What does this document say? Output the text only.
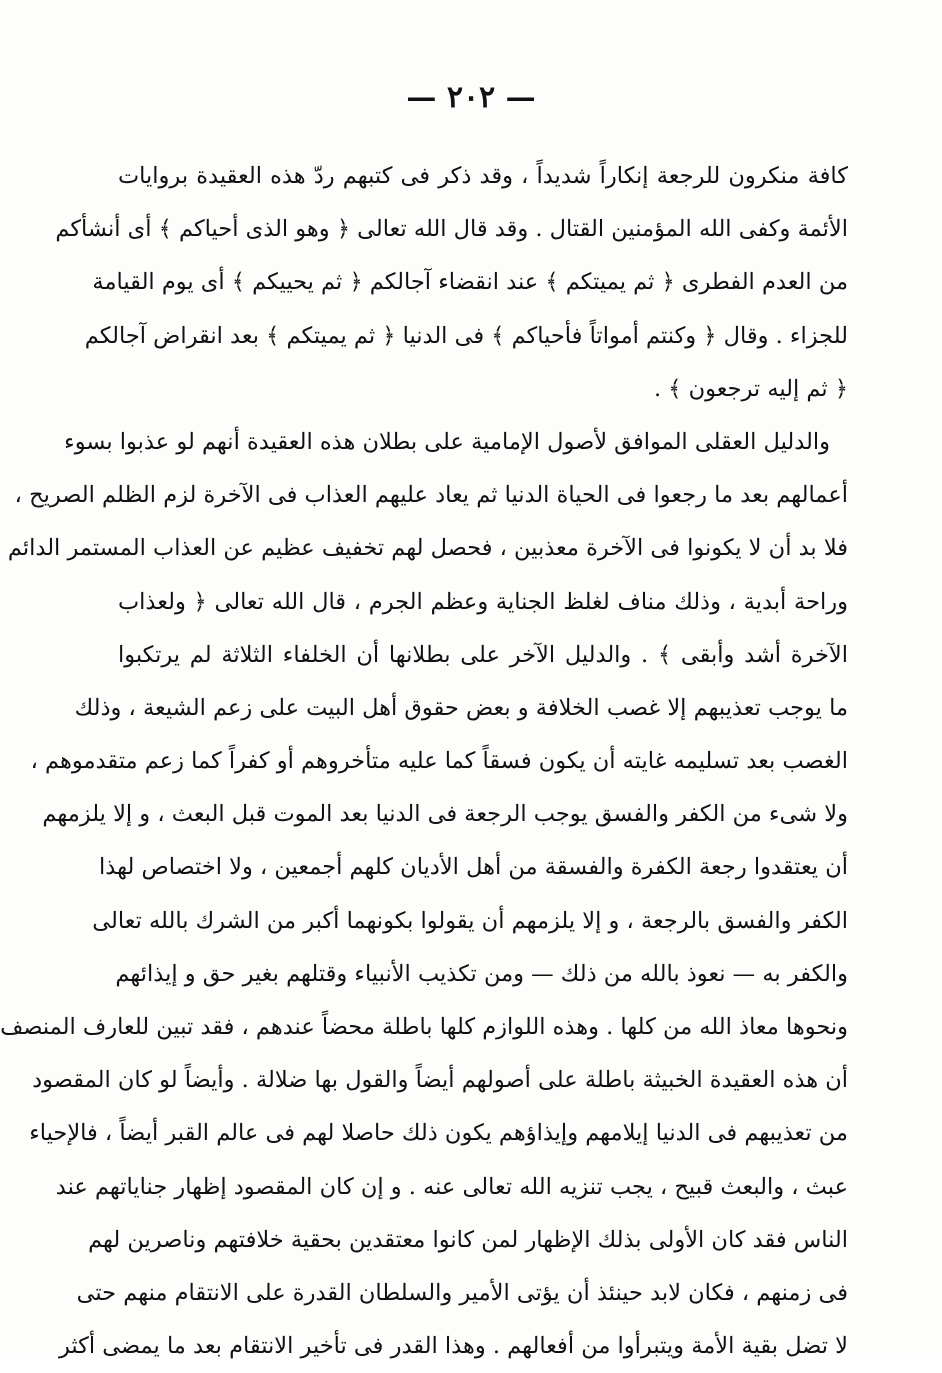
— ٢٠٢ —
كافة منكرون للرجعة إنكاراً شديداً ، وقد ذكر فى كتبهم ردّ هذه العقيدة بروايات
الأئمة وكفى الله المؤمنين القتال . وقد قال الله تعالى ﴿ وهو الذى أحياكم ﴾ أى أنشأكم
من العدم الفطرى ﴿ ثم يميتكم ﴾ عند انقضاء آجالكم ﴿ ثم يحييكم ﴾ أى يوم القيامة
للجزاء . وقال ﴿ وكنتم أمواتاً فأحياكم ﴾ فى الدنيا ﴿ ثم يميتكم ﴾ بعد انقراض آجالكم
﴿ ثم إليه ترجعون ﴾ .
والدليل العقلى الموافق لأصول الإمامية على بطلان هذه العقيدة أنهم لو عذبوا بسوء
أعمالهم بعد ما رجعوا فى الحياة الدنيا ثم يعاد عليهم العذاب فى الآخرة لزم الظلم الصريح ،
فلا بد أن لا يكونوا فى الآخرة معذبين ، فحصل لهم تخفيف عظيم عن العذاب المستمر الدائم
وراحة أبدية ، وذلك مناف لغلظ الجناية وعظم الجرم ، قال الله تعالى ﴿ ولعذاب
الآخرة أشد وأبقى ﴾ . والدليل الآخر على بطلانها أن الخلفاء الثلاثة لم يرتكبوا
ما يوجب تعذيبهم إلا غصب الخلافة و بعض حقوق أهل البيت على زعم الشيعة ، وذلك
الغصب بعد تسليمه غايته أن يكون فسقاً كما عليه متأخروهم أو كفراً كما زعم متقدموهم ،
ولا شىء من الكفر والفسق يوجب الرجعة فى الدنيا بعد الموت قبل البعث ، و إلا يلزمهم
أن يعتقدوا رجعة الكفرة والفسقة من أهل الأديان كلهم أجمعين ، ولا اختصاص لهذا
الكفر والفسق بالرجعة ، و إلا يلزمهم أن يقولوا بكونهما أكبر من الشرك بالله تعالى
والكفر به — نعوذ بالله من ذلك — ومن تكذيب الأنبياء وقتلهم بغير حق و إيذائهم
ونحوها معاذ الله من كلها . وهذه اللوازم كلها باطلة محضاً عندهم ، فقد تبين للعارف المنصف
أن هذه العقيدة الخبيثة باطلة على أصولهم أيضاً والقول بها ضلالة . وأيضاً لو كان المقصود
من تعذيبهم فى الدنيا إيلامهم وإيذاؤهم يكون ذلك حاصلا لهم فى عالم القبر أيضاً ، فالإحياء
عبث ، والبعث قبيح ، يجب تنزيه الله تعالى عنه . و إن كان المقصود إظهار جناياتهم عند
الناس فقد كان الأولى بذلك الإظهار لمن كانوا معتقدين بحقية خلافتهم وناصرين لهم
فى زمنهم ، فكان لابد حينئذ أن يؤتى الأمير والسلطان القدرة على الانتقام منهم حتى
لا تضل بقية الأمة ويتبرأوا من أفعالهم . وهذا القدر فى تأخير الانتقام بعد ما يمضى أكثر
